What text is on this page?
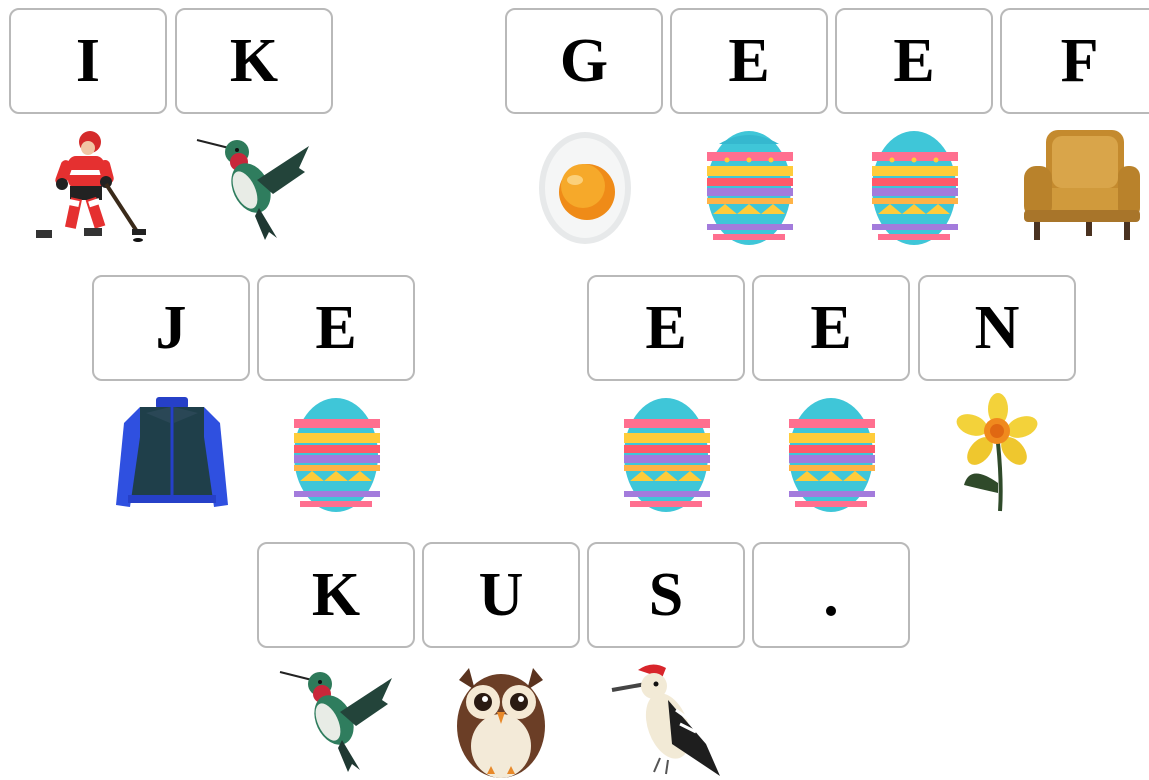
I	K	G	E	E	F
J	E	E	E	N
K	U	S	.
